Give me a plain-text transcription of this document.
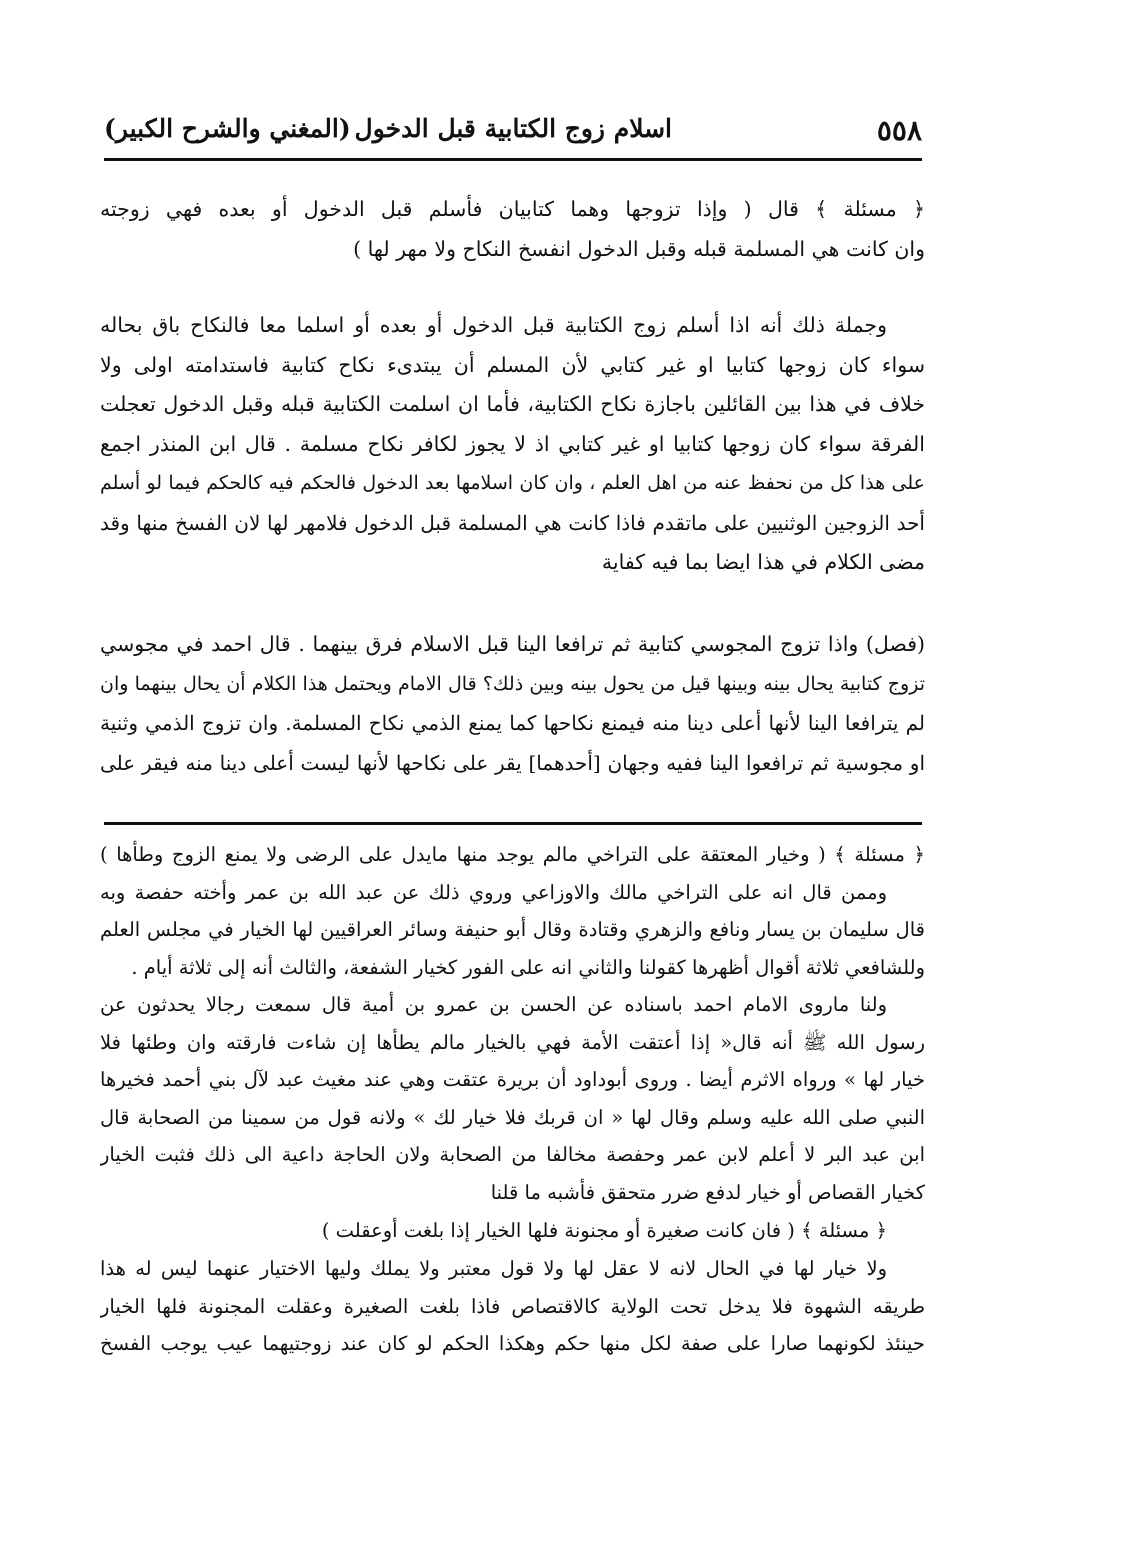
٥٥٨
اسلام زوج الكتابية قبل الدخول
(المغني والشرح الكبير)
﴿ مسئلة ﴾ قال ( وإذا تزوجها وهما كتابيان فأسلم قبل الدخول أو بعده فهي زوجته
وان كانت هي المسلمة قبله وقبل الدخول انفسخ النكاح ولا مهر لها )
وجملة ذلك أنه اذا أسلم زوج الكتابية قبل الدخول أو بعده أو اسلما معا فالنكاح باق بحاله
سواء كان زوجها كتابيا او غير كتابي لأن المسلم أن يبتدىء نكاح كتابية فاستدامته اولى ولا
خلاف في هذا بين القائلين باجازة نكاح الكتابية، فأما ان اسلمت الكتابية قبله وقبل الدخول تعجلت
الفرقة سواء كان زوجها كتابيا او غير كتابي اذ لا يجوز لكافر نكاح مسلمة . قال ابن المنذر اجمع
على هذا كل من نحفظ عنه من اهل العلم ، وان كان اسلامها بعد الدخول فالحكم فيه كالحكم فيما لو أسلم
أحد الزوجين الوثنيين على ماتقدم فاذا كانت هي المسلمة قبل الدخول فلامهر لها لان الفسخ منها وقد
مضى الكلام في هذا ايضا بما فيه كفاية
(فصل) واذا تزوج المجوسي كتابية ثم ترافعا الينا قبل الاسلام فرق بينهما . قال احمد في مجوسي
تزوج كتابية يحال بينه وبينها قيل من يحول بينه وبين ذلك؟ قال الامام ويحتمل هذا الكلام أن يحال بينهما وان
لم يترافعا الينا لأنها أعلى دينا منه فيمنع نكاحها كما يمنع الذمي نكاح المسلمة. وان تزوج الذمي وثنية
او مجوسية ثم ترافعوا الينا ففيه وجهان [أحدهما] يقر على نكاحها لأنها ليست أعلى دينا منه فيقر على
﴿ مسئلة ﴾ ( وخيار المعتقة على التراخي مالم يوجد منها مايدل على الرضى ولا يمنع الزوج وطأها )
وممن قال انه على التراخي مالك والاوزاعي وروي ذلك عن عبد الله بن عمر وأخته حفصة وبه
قال سليمان بن يسار ونافع والزهري وقتادة وقال أبو حنيفة وسائر العراقيين لها الخيار في مجلس العلم
وللشافعي ثلاثة أقوال أظهرها كقولنا والثاني انه على الفور كخيار الشفعة، والثالث أنه إلى ثلاثة أيام .
ولنا ماروى الامام احمد باسناده عن الحسن بن عمرو بن أمية قال سمعت رجالا يحدثون عن
رسول الله ﷺ أنه قال« إذا أعتقت الأمة فهي بالخيار مالم يطأها إن شاءت فارقته وان وطئها فلا
خيار لها » ورواه الاثرم أيضا . وروى أبوداود أن بريرة عتقت وهي عند مغيث عبد لآل بني أحمد فخيرها
النبي صلى الله عليه وسلم وقال لها « ان قربك فلا خيار لك » ولانه قول من سمينا من الصحابة قال
ابن عبد البر لا أعلم لابن عمر وحفصة مخالفا من الصحابة ولان الحاجة داعية الى ذلك فثبت الخيار
كخيار القصاص أو خيار لدفع ضرر متحقق فأشبه ما قلنا
﴿ مسئلة ﴾ ( فان كانت صغيرة أو مجنونة فلها الخيار إذا بلغت أوعقلت )
ولا خيار لها في الحال لانه لا عقل لها ولا قول معتبر ولا يملك وليها الاختيار عنهما ليس له هذا
طريقه الشهوة فلا يدخل تحت الولاية كالاقتصاص فاذا بلغت الصغيرة وعقلت المجنونة فلها الخيار
حينئذ لكونهما صارا على صفة لكل منها حكم وهكذا الحكم لو كان عند زوجتيهما عيب يوجب الفسخ
